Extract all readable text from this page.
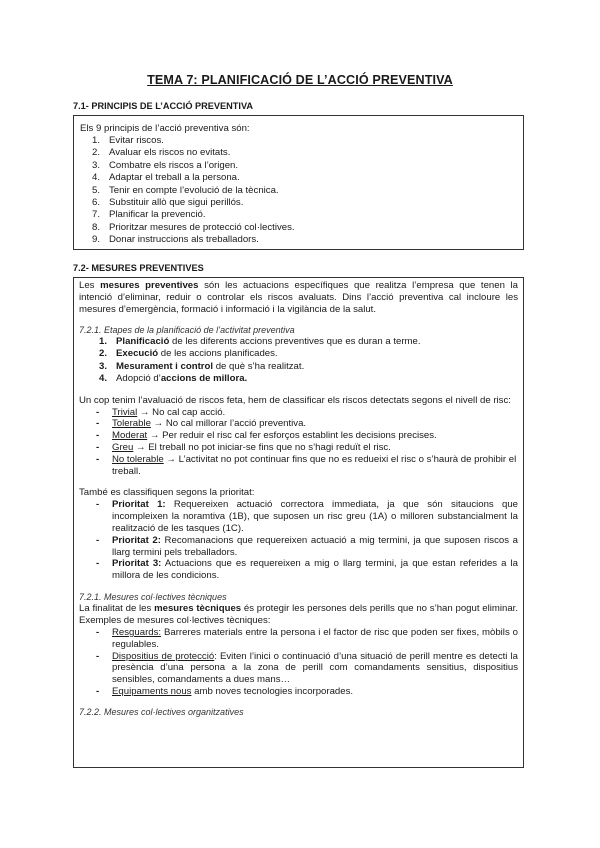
TEMA 7: PLANIFICACIÓ DE L’ACCIÓ PREVENTIVA
7.1- PRINCIPIS DE L’ACCIÓ PREVENTIVA

Els 9 principis de l’acció preventiva són:

1. Evitar riscos.
2. Avaluar els riscos no evitats.
3. Combatre els riscos a l’origen.
4. Adaptar el treball a la persona.
5. Tenir en compte l’evolució de la tècnica.
6. Substituir allò que sigui perillós.
7. Planificar la prevenció.
8. Prioritzar mesures de protecció col·lectives.
9. Donar instruccions als treballadors.
7.2- MESURES PREVENTIVES

Les mesures preventives són les actuacions específiques que realitza l’empresa que tenen la intenció d’eliminar, reduir o controlar els riscos avaluats. Dins l’acció preventiva cal incloure les mesures d’emergència, formació i informació i la vigilància de la salut.

7.2.1. Etapes de la planificació de l’activitat preventiva
1. Planificació de les diferents accions preventives que es duran a terme.
2. Execució de les accions planificades.
3. Mesurament i control de què s’ha realitzat.
4. Adopció d’accions de millora.

Un cop tenim l’avaluació de riscos feta, hem de classificar els riscos detectats segons el nivell de risc:

- Trivial → No cal cap acció.
- Tolerable → No cal millorar l’acció preventiva.
- Moderat → Per reduir el risc cal fer esforços establint les decisions precises.
- Greu → El treball no pot iniciar-se fins que no s’hagi reduït el risc.
- No tolerable → L’activitat no pot continuar fins que no es redueixi el risc o s’haurà de prohibir el treball.

També es classifiquen segons la prioritat:

- Prioritat 1: Requereixen actuació correctora immediata, ja que són sitaucions que incompleixen la noramtiva (1B), que suposen un risc greu (1A) o milloren substancialment la realització de les tasques (1C).
- Prioritat 2: Recomanacions que requereixen actuació a mig termini, ja que suposen riscos a llarg termini pels treballadors.
- Prioritat 3: Actuacions que es requereixen a mig o llarg termini, ja que estan referides a la millora de les condicions.
7.2.1. Mesures col·lectives tècniques

La finalitat de les mesures tècniques és protegir les persones dels perills que no s’han pogut eliminar. Exemples de mesures col·lectives tècniques:

- Resguards: Barreres materials entre la persona i el factor de risc que poden ser fixes, mòbils o regulables.
- Dispositius de protecció: Eviten l’inici o continuació d’una situació de perill mentre es detecti la presència d’una persona a la zona de perill com comandaments sensitius, dispositius sensibles, comandaments a dues mans…
- Equipaments nous amb noves tecnologies incorporades.
7.2.2. Mesures col·lectives organitzatives
